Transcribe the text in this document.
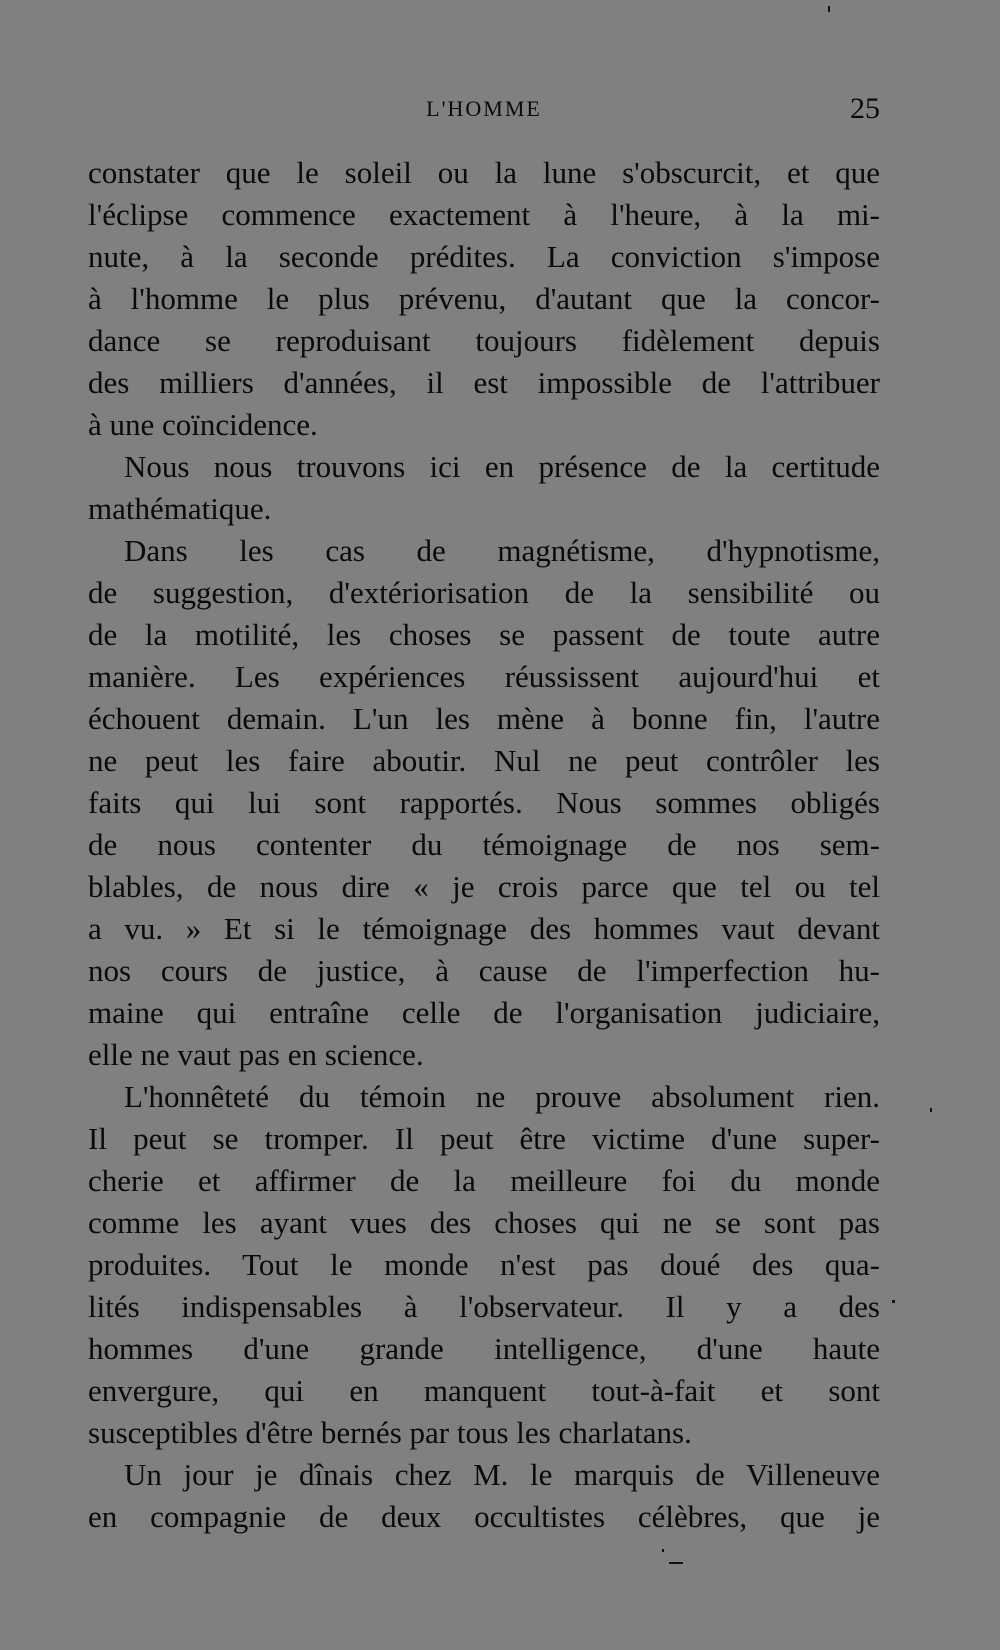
L'HOMME	25
constater que le soleil ou la lune s'obscurcit, et que
l'éclipse commence exactement à l'heure, à la mi-
nute, à la seconde prédites. La conviction s'impose
à l'homme le plus prévenu, d'autant que la concor-
dance se reproduisant toujours fidèlement depuis
des milliers d'années, il est impossible de l'attribuer
à une coïncidence.
Nous nous trouvons ici en présence de la certitude
mathématique.
Dans les cas de magnétisme, d'hypnotisme,
de suggestion, d'extériorisation de la sensibilité ou
de la motilité, les choses se passent de toute autre
manière. Les expériences réussissent aujourd'hui et
échouent demain. L'un les mène à bonne fin, l'autre
ne peut les faire aboutir. Nul ne peut contrôler les
faits qui lui sont rapportés. Nous sommes obligés
de nous contenter du témoignage de nos sem-
blables, de nous dire « je crois parce que tel ou tel
a vu. » Et si le témoignage des hommes vaut devant
nos cours de justice, à cause de l'imperfection hu-
maine qui entraîne celle de l'organisation judiciaire,
elle ne vaut pas en science.
L'honnêteté du témoin ne prouve absolument rien.
Il peut se tromper. Il peut être victime d'une super-
cherie et affirmer de la meilleure foi du monde
comme les ayant vues des choses qui ne se sont pas
produites. Tout le monde n'est pas doué des qua-
lités indispensables à l'observateur. Il y a des
hommes d'une grande intelligence, d'une haute
envergure, qui en manquent tout-à-fait et sont
susceptibles d'être bernés par tous les charlatans.
Un jour je dînais chez M. le marquis de Villeneuve
en compagnie de deux occultistes célèbres, que je
